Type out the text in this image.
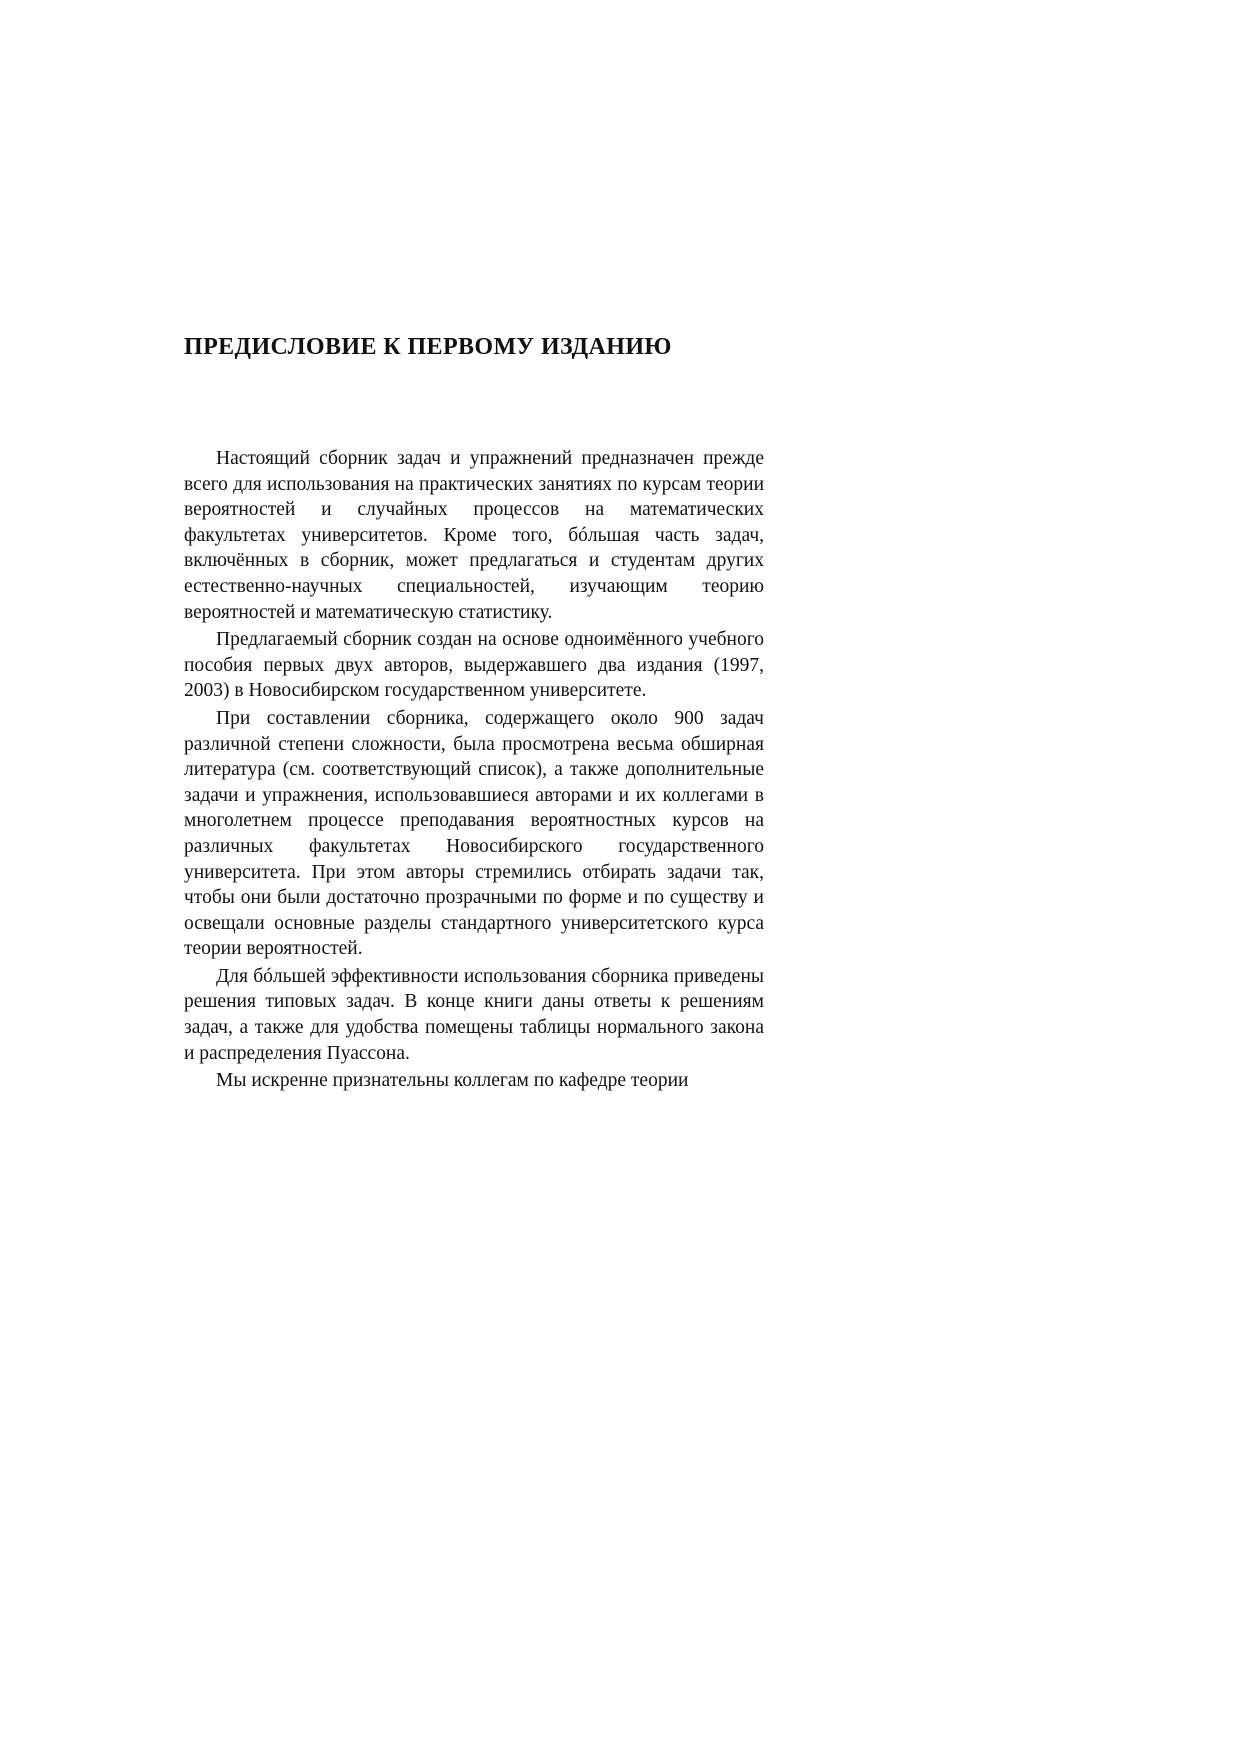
ПРЕДИСЛОВИЕ К ПЕРВОМУ ИЗДАНИЮ

Настоящий сборник задач и упражнений предназначен прежде всего для использования на практических занятиях по курсам теории вероятностей и случайных процессов на математических факультетах университетов. Кроме того, бóльшая часть задач, включённых в сборник, может предлагаться и студентам других естественно-научных специальностей, изучающим теорию вероятностей и математическую статистику.

Предлагаемый сборник создан на основе одноимённого учебного пособия первых двух авторов, выдержавшего два издания (1997, 2003) в Новосибирском государственном университете.

При составлении сборника, содержащего около 900 задач различной степени сложности, была просмотрена весьма обширная литература (см. соответствующий список), а также дополнительные задачи и упражнения, использовавшиеся авторами и их коллегами в многолетнем процессе преподавания вероятностных курсов на различных факультетах Новосибирского государственного университета. При этом авторы стремились отбирать задачи так, чтобы они были достаточно прозрачными по форме и по существу и освещали основные разделы стандартного университетского курса теории вероятностей.

Для бóльшей эффективности использования сборника приведены решения типовых задач. В конце книги даны ответы к решениям задач, а также для удобства помещены таблицы нормального закона и распределения Пуассона.

Мы искренне признательны коллегам по кафедре теории
